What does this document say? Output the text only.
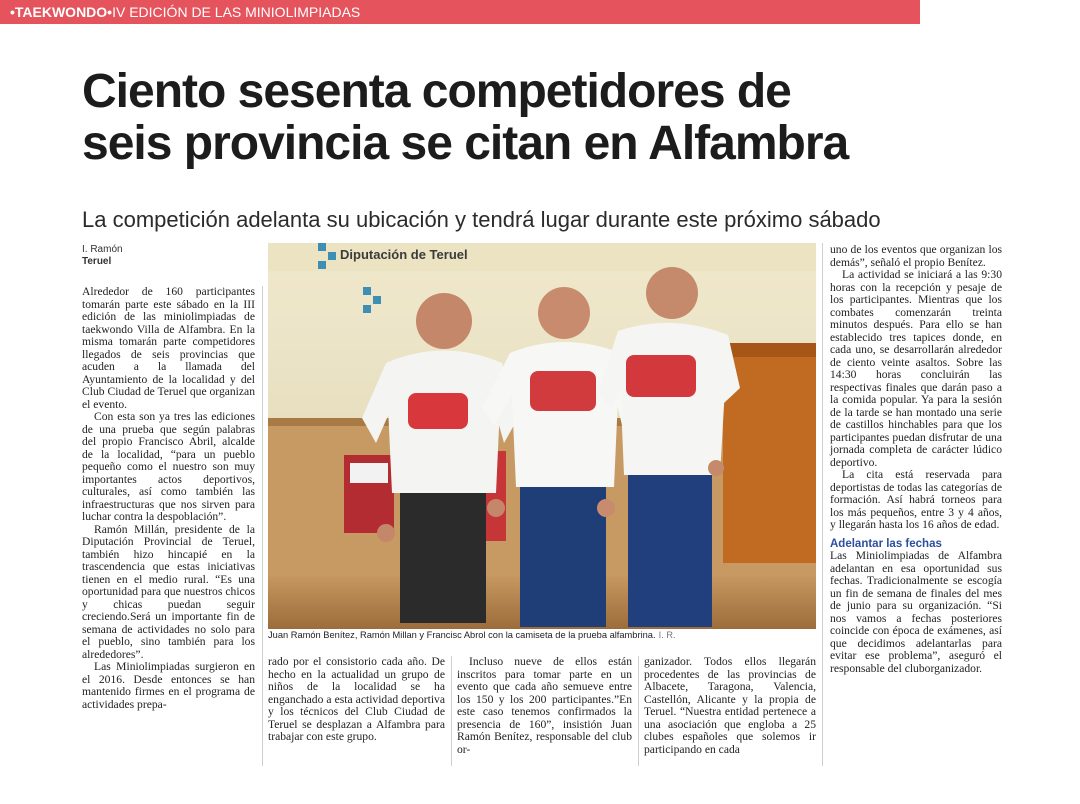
•TAEKWONDO•IV EDICIÓN DE LAS MINIOLIMPIADAS
Ciento sesenta competidores de
seis provincia se citan en Alfambra
La competición adelanta su ubicación y tendrá lugar durante este próximo sábado
I. Ramón
Teruel

Alrededor de 160 participantes tomarán parte este sábado en la III edición de las miniolimpiadas de taekwondo Villa de Alfambra. En la misma tomarán parte competidores llegados de seis provincias que acuden a la llamada del Ayuntamiento de la localidad y del Club Ciudad de Teruel que organizan el evento.

Con esta son ya tres las ediciones de una prueba que según palabras del propio Francisco Abril, alcalde de la localidad, “para un pueblo pequeño como el nuestro son muy importantes actos deportivos, culturales, así como también las infraestructuras que nos sirven para luchar contra la despoblación”.

Ramón Millán, presidente de la Diputación Provincial de Teruel, también hizo hincapié en la trascendencia que estas iniciativas tienen en el medio rural. “Es una oportunidad para que nuestros chicos y chicas puedan seguir creciendo.Será un importante fin de semana de actividades no solo para el pueblo, sino también para los alrededores”.

Las Miniolimpiadas surgieron en el 2016. Desde entonces se han mantenido firmes en el programa de actividades prepa-

Diputación de Teruel
Juan Ramón Benítez, Ramón Millan y Francisc Abrol con la camiseta de la prueba alfambrina. I. R.

rado por el consistorio cada año. De hecho en la actualidad un grupo de niños de la localidad se ha enganchado a esta actividad deportiva y los técnicos del Club Ciudad de Teruel se desplazan a Alfambra para trabajar con este grupo.

Incluso nueve de ellos están inscritos para tomar parte en un evento que cada año semueve entre los 150 y los 200 participantes.”En este caso tenemos confirmados la presencia de 160”, insistión Juan Ramón Benítez, responsable del club or-

ganizador. Todos ellos llegarán procedentes de las provincias de Albacete, Taragona, Valencia, Castellón, Alicante y la propia de Teruel. “Nuestra entidad pertenece a una asociación que engloba a 25 clubes españoles que solemos ir participando en cada

uno de los eventos que organizan los demás”, señaló el propio Benítez.

La actividad se iniciará a las 9:30 horas con la recepción y pesaje de los participantes. Mientras que los combates comenzarán treinta minutos después. Para ello se han establecido tres tapices donde, en cada uno, se desarrollarán alrededor de ciento veinte asaltos. Sobre las 14:30 horas concluirán las respectivas finales que darán paso a la comida popular. Ya para la sesión de la tarde se han montado una serie de castillos hinchables para que los participantes puedan disfrutar de una jornada completa de carácter lúdico deportivo.

La cita está reservada para deportistas de todas las categorías de formación. Así habrá torneos para los más pequeños, entre 3 y 4 años, y llegarán hasta los 16 años de edad.

Adelantar las fechas

Las Miniolimpiadas de Alfambra adelantan en esa oportunidad sus fechas. Tradicionalmente se escogía un fin de semana de finales del mes de junio para su organización. “Si nos vamos a fechas posteriores coincide con época de exámenes, así que decidimos adelantarlas para evitar ese problema”, aseguró el responsable del cluborganizador.
